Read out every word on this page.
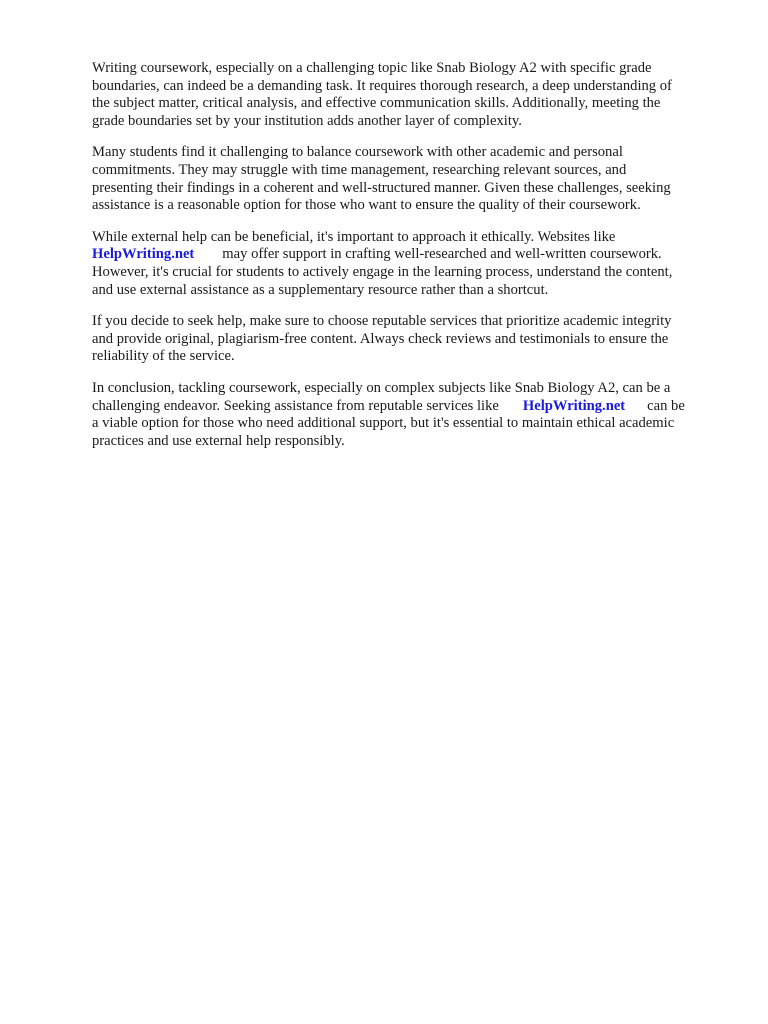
Writing coursework, especially on a challenging topic like Snab Biology A2 with specific grade
boundaries, can indeed be a demanding task. It requires thorough research, a deep understanding of
the subject matter, critical analysis, and effective communication skills. Additionally, meeting the
grade boundaries set by your institution adds another layer of complexity.

Many students find it challenging to balance coursework with other academic and personal
commitments. They may struggle with time management, researching relevant sources, and
presenting their findings in a coherent and well-structured manner. Given these challenges, seeking
assistance is a reasonable option for those who want to ensure the quality of their coursework.

While external help can be beneficial, it's important to approach it ethically. Websites like
HelpWriting.net may offer support in crafting well-researched and well-written coursework.
However, it's crucial for students to actively engage in the learning process, understand the content,
and use external assistance as a supplementary resource rather than a shortcut.

If you decide to seek help, make sure to choose reputable services that prioritize academic integrity
and provide original, plagiarism-free content. Always check reviews and testimonials to ensure the
reliability of the service.

In conclusion, tackling coursework, especially on complex subjects like Snab Biology A2, can be a
challenging endeavor. Seeking assistance from reputable services like HelpWriting.net can be
a viable option for those who need additional support, but it's essential to maintain ethical academic
practices and use external help responsibly.
